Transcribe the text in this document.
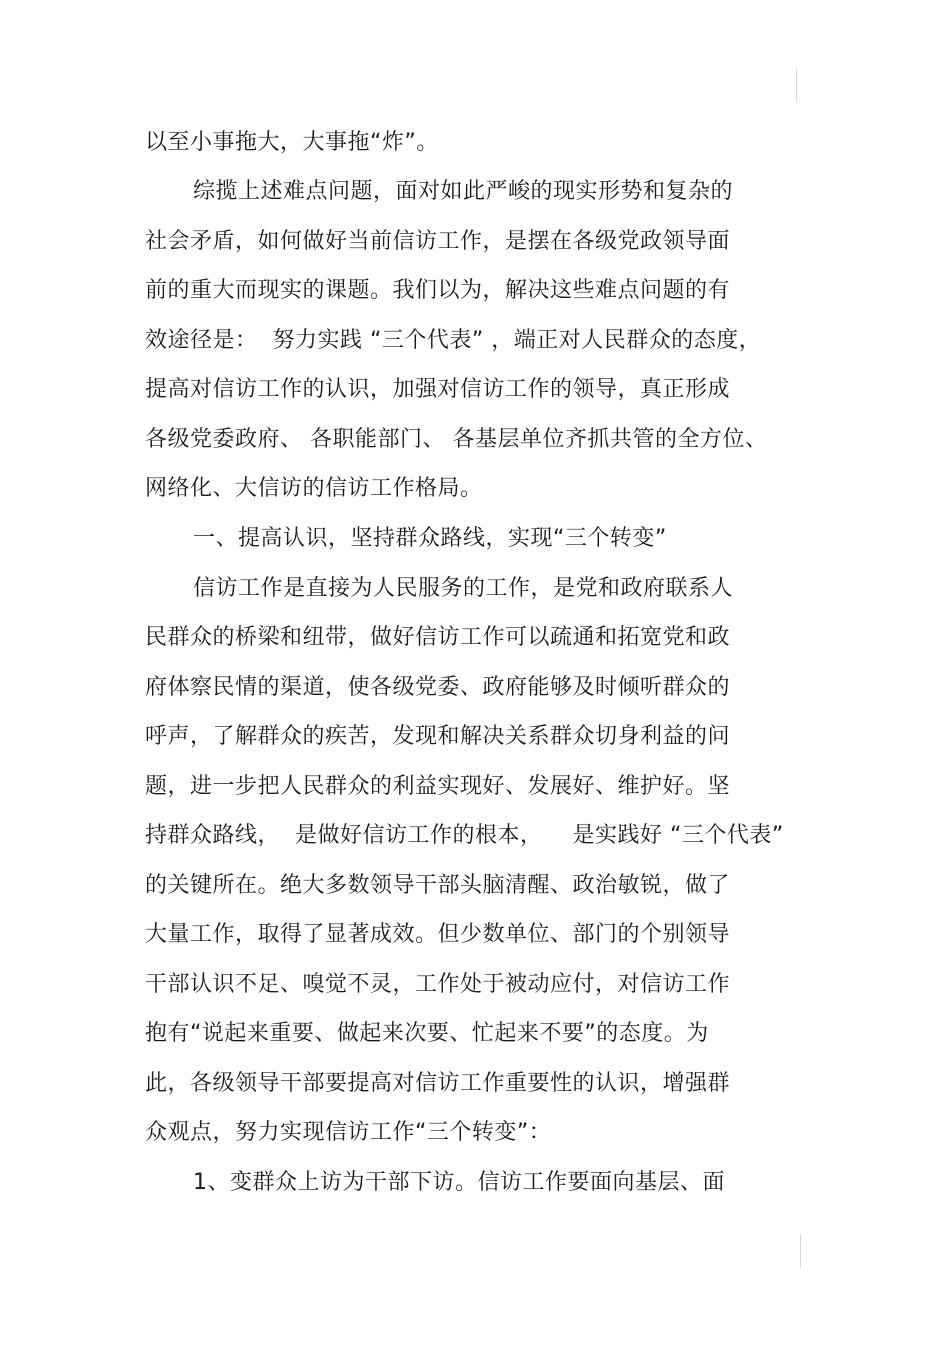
以至小事拖大，大事拖“炸”。
综揽上述难点问题，面对如此严峻的现实形势和复杂的
社会矛盾，如何做好当前信访工作，是摆在各级党政领导面
前的重大而现实的课题。我们以为，解决这些难点问题的有
效途径是：  努力实践 “三个代表” ，端正对人民群众的态度，
提高对信访工作的认识，加强对信访工作的领导，真正形成
各级党委政府、 各职能部门、 各基层单位齐抓共管的全方位、
网络化、大信访的信访工作格局。
一、提高认识，坚持群众路线，实现“三个转变”
信访工作是直接为人民服务的工作，是党和政府联系人
民群众的桥梁和纽带，做好信访工作可以疏通和拓宽党和政
府体察民情的渠道，使各级党委、政府能够及时倾听群众的
呼声，了解群众的疾苦，发现和解决关系群众切身利益的问
题，进一步把人民群众的利益实现好、发展好、维护好。坚
持群众路线，  是做好信访工作的根本，    是实践好 “三个代表”
的关键所在。绝大多数领导干部头脑清醒、政治敏锐，做了
大量工作，取得了显著成效。但少数单位、部门的个别领导
干部认识不足、嗅觉不灵，工作处于被动应付，对信访工作
抱有“说起来重要、做起来次要、忙起来不要”的态度。为
此，各级领导干部要提高对信访工作重要性的认识，增强群
众观点，努力实现信访工作“三个转变”：
1、变群众上访为干部下访。信访工作要面向基层、面
